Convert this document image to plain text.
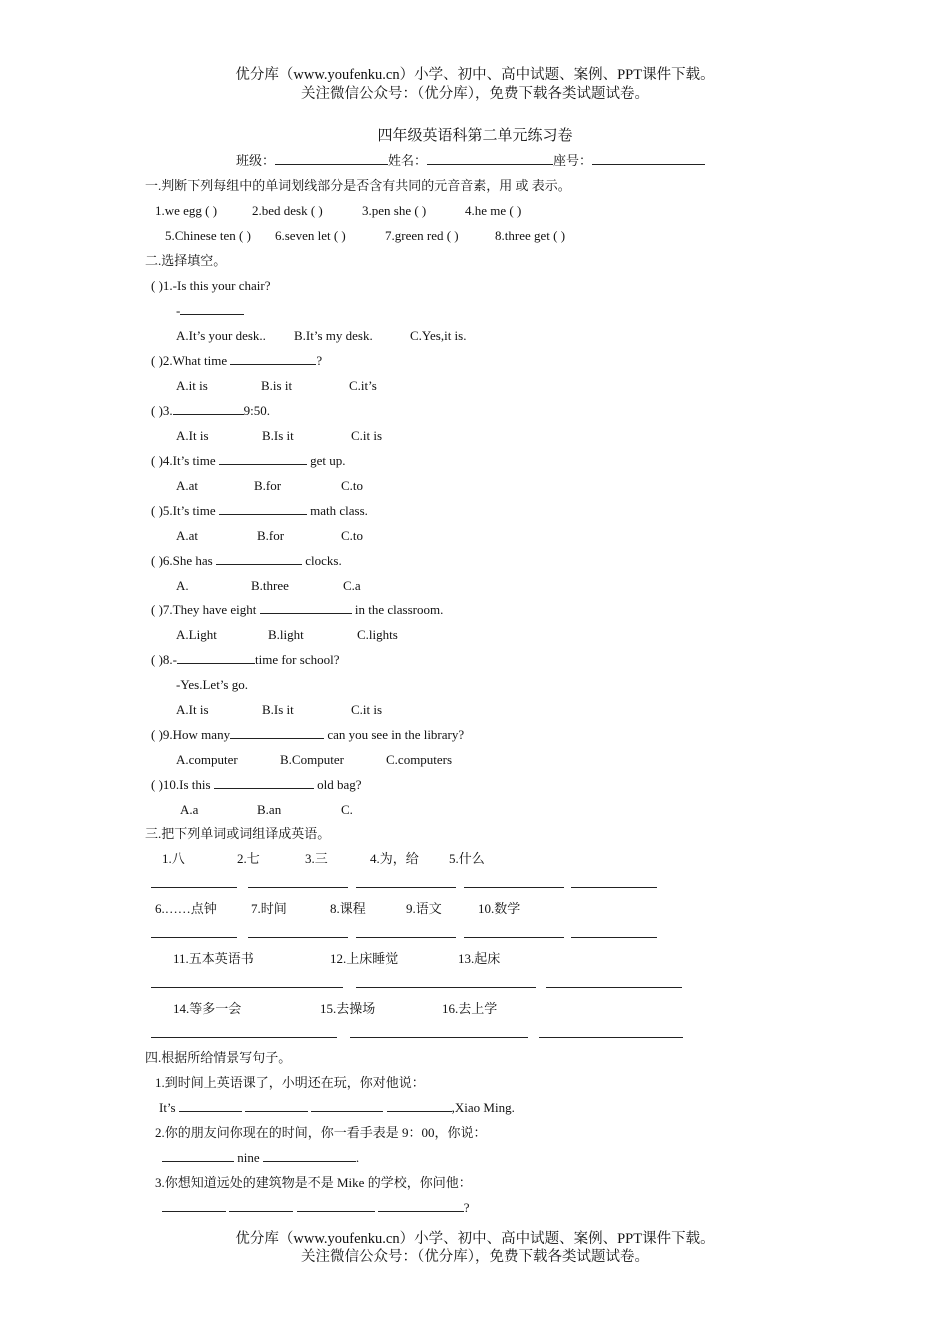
优分库（www.youfenku.cn）小学、初中、高中试题、案例、PPT课件下载。
关注微信公众号：（优分库），免费下载各类试题试卷。
四年级英语科第二单元练习卷
班级：	姓名：	座号：
一.判断下列每组中的单词划线部分是否含有共同的元音音素，用 或 表示。
1.we egg ( )	2.bed desk ( )	3.pen she ( )	4.he me ( )
5.Chinese ten ( ) 6.seven let ( )	7.green red ( )	8.three get ( )
二.选择填空。
( )1.-Is this your chair?
-
A.It’s your desk.. B.It’s my desk.	C.Yes,it is.
( )2.What time	?
A.it is	B.is it	C.it’s
( )3.	9:50.
A.It is	B.Is it	C.it is
( )4.It’s time	get up.
A.at	B.for	C.to
( )5.It’s time	math class.
A.at	B.for	C.to
( )6.She has	clocks.
A.	B.three	C.a
( )7.They have eight	in the classroom.
A.Light	B.light	C.lights
( )8.-	time for school?
-Yes.Let’s go.
A.It is	B.Is it	C.it is
( )9.How many	can you see in the library?
A.computer	B.Computer	C.computers
( )10.Is this	old bag?
A.a	B.an	C.
三.把下列单词或词组译成英语。
1.八	2.七	3.三	4.为，给 5.什么
6.……点钟	7.时间	8.课程	9.语文	10.数学
11.五本英语书	12.上床睡觉	13.起床
14.等多一会	15.去操场	16.去上学
四.根据所给情景写句子。
1.到时间上英语课了，小明还在玩，你对他说：
It’s	,Xiao Ming.
2.你的朋友问你现在的时间，你一看手表是 9：00，你说：
nine	.
3.你想知道远处的建筑物是不是 Mike 的学校，你问他：
?
优分库（www.youfenku.cn）小学、初中、高中试题、案例、PPT课件下载。
关注微信公众号：（优分库），免费下载各类试题试卷。
